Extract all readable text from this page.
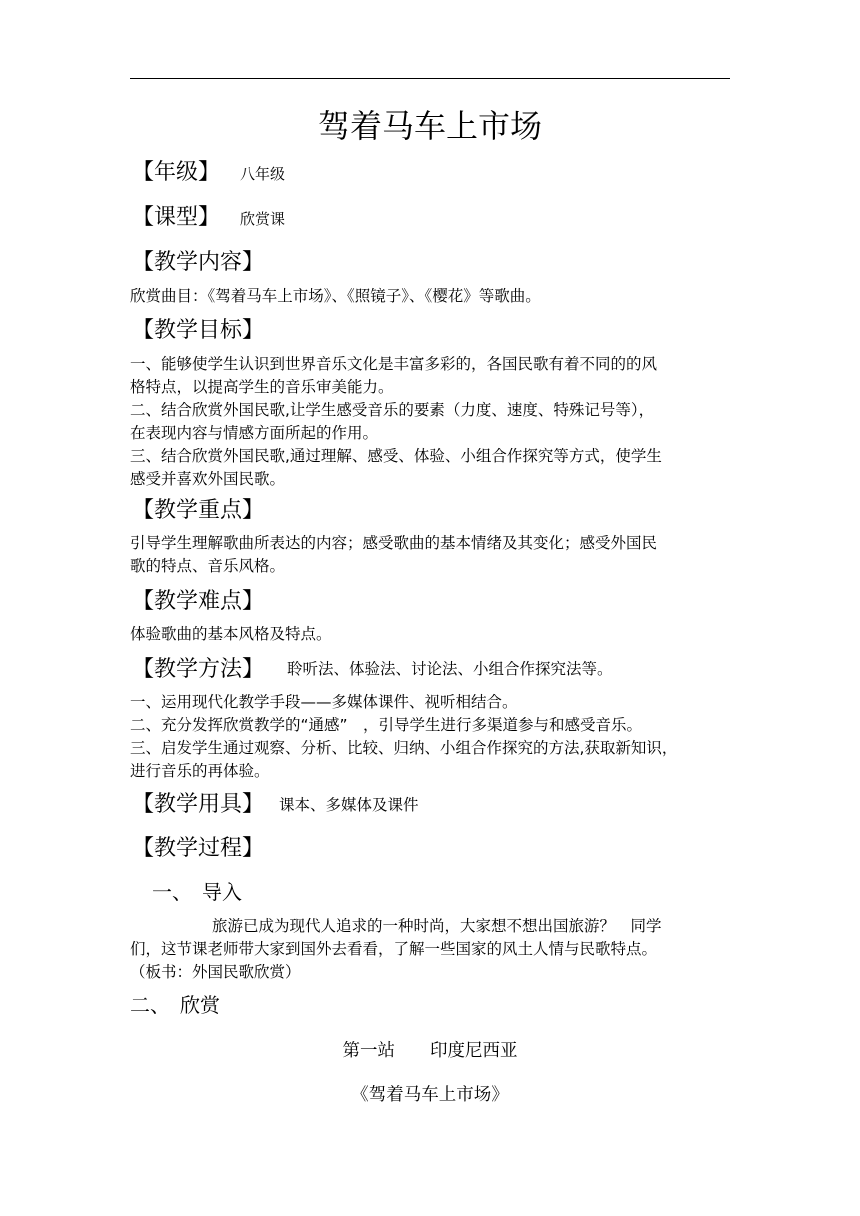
驾着马车上市场
【年级】 八年级
【课型】 欣赏课
【教学内容】
欣赏曲目：《驾着马车上市场》、《照镜子》、《樱花》等歌曲。
【教学目标】
一、能够使学生认识到世界音乐文化是丰富多彩的，各国民歌有着不同的的风
格特点，以提高学生的音乐审美能力。
二、结合欣赏外国民歌,让学生感受音乐的要素（力度、速度、特殊记号等），
在表现内容与情感方面所起的作用。
三、结合欣赏外国民歌,通过理解、感受、体验、小组合作探究等方式，使学生
感受并喜欢外国民歌。
【教学重点】
引导学生理解歌曲所表达的内容；感受歌曲的基本情绪及其变化；感受外国民
歌的特点、音乐风格。
【教学难点】
体验歌曲的基本风格及特点。
【教学方法】 聆听法、体验法、讨论法、小组合作探究法等。
一、运用现代化教学手段——多媒体课件、视听相结合。
二、充分发挥欣赏教学的“通感”　，引导学生进行多渠道参与和感受音乐。
三、启发学生通过观察、分析、比较、归纳、小组合作探究的方法,获取新知识，
进行音乐的再体验。
【教学用具】 课本、多媒体及课件
【教学过程】
一、　导入
旅游已成为现代人追求的一种时尚，大家想不想出国旅游？　同学
们，这节课老师带大家到国外去看看，了解一些国家的风土人情与民歌特点。
（板书：外国民歌欣赏）
二、　欣赏
第一站　　印度尼西亚
《驾着马车上市场》
